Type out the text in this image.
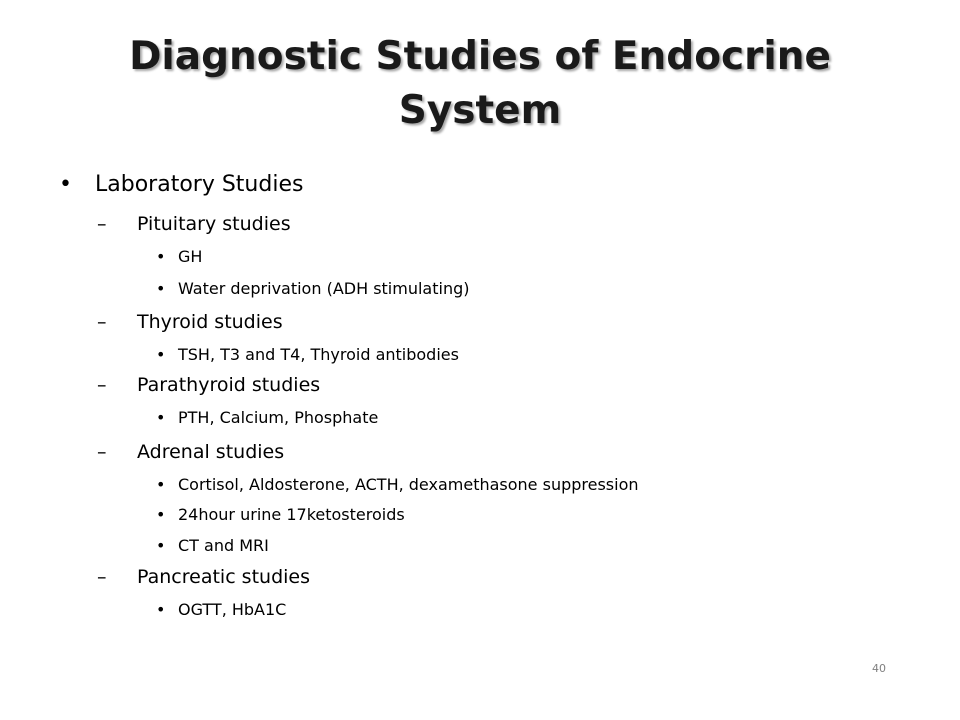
Diagnostic Studies of Endocrine
System
• Laboratory Studies
– Pituitary studies
• GH
• Water deprivation (ADH stimulating)
– Thyroid studies
• TSH, T3 and T4, Thyroid antibodies
– Parathyroid studies
• PTH, Calcium, Phosphate
– Adrenal studies
• Cortisol, Aldosterone, ACTH, dexamethasone suppression
• 24hour urine 17ketosteroids
• CT and MRI
– Pancreatic studies
• OGTT, HbA1C
40
